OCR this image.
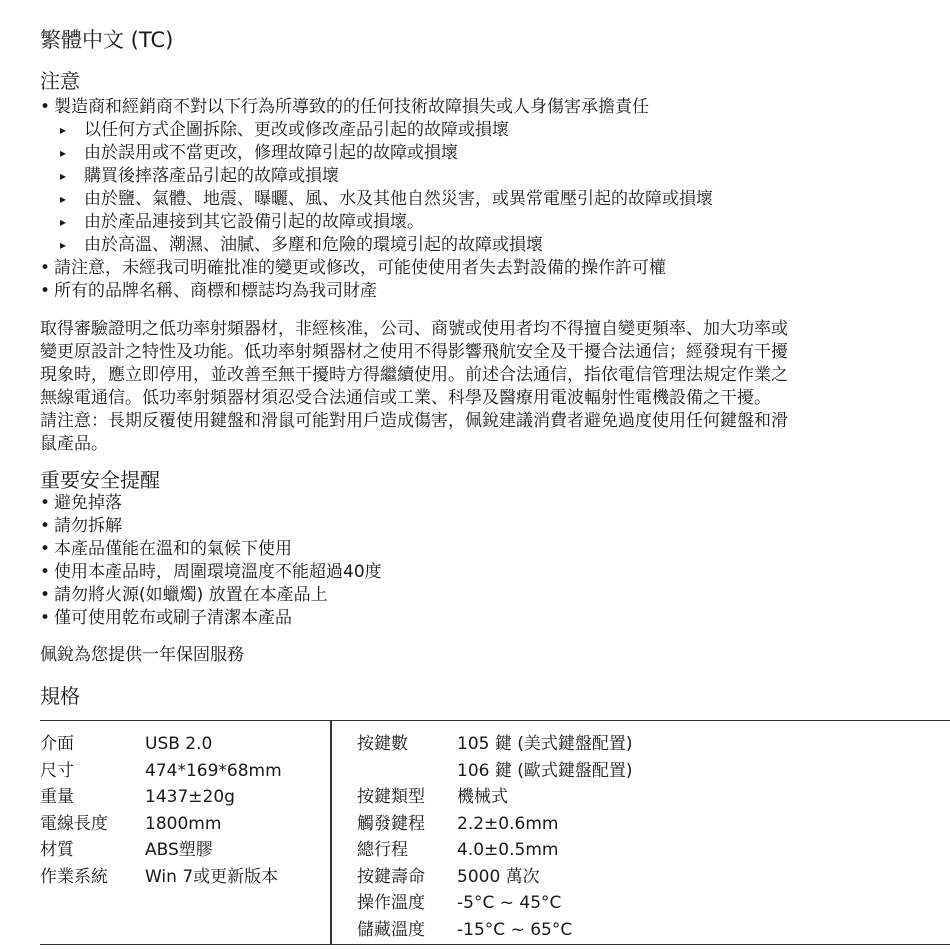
繁體中文 (TC)
注意
• 製造商和經銷商不對以下行為所導致的的任何技術故障損失或人身傷害承擔責任
▸ 以任何方式企圖拆除、更改或修改產品引起的故障或損壞
▸ 由於誤用或不當更改，修理故障引起的故障或損壞
▸ 購買後摔落產品引起的故障或損壞
▸ 由於鹽、氣體、地震、曝曬、風、水及其他自然災害，或異常電壓引起的故障或損壞
▸ 由於產品連接到其它設備引起的故障或損壞。
▸ 由於高溫、潮濕、油膩、多塵和危險的環境引起的故障或損壞
• 請注意，未經我司明確批准的變更或修改，可能使使用者失去對設備的操作許可權
• 所有的品牌名稱、商標和標誌均為我司財產
取得審驗證明之低功率射頻器材，非經核准，公司、商號或使用者均不得擅自變更頻率、加大功率或
變更原設計之特性及功能。低功率射頻器材之使用不得影響飛航安全及干擾合法通信；經發現有干擾
現象時，應立即停用，並改善至無干擾時方得繼續使用。前述合法通信，指依電信管理法規定作業之
無線電通信。低功率射頻器材須忍受合法通信或工業、科學及醫療用電波輻射性電機設備之干擾。
請注意：長期反覆使用鍵盤和滑鼠可能對用戶造成傷害，佩銳建議消費者避免過度使用任何鍵盤和滑
鼠產品。
重要安全提醒
• 避免掉落
• 請勿拆解
• 本產品僅能在溫和的氣候下使用
• 使用本產品時，周圍環境溫度不能超過40度
• 請勿將火源(如蠟燭) 放置在本產品上
• 僅可使用乾布或刷子清潔本產品

佩銳為您提供一年保固服務

規格
介面	USB 2.0
尺寸	474*169*68mm
重量	1437±20g
電線長度 1800mm
材質	ABS塑膠
作業系統 Win 7或更新版本
按鍵數	105 鍵 (美式鍵盤配置)
106 鍵 (歐式鍵盤配置)
按鍵類型 機械式
觸發鍵程 2.2±0.6mm
總行程	4.0±0.5mm
按鍵壽命 5000 萬次
操作溫度 -5°C ~ 45°C
儲藏溫度 -15°C ~ 65°C
